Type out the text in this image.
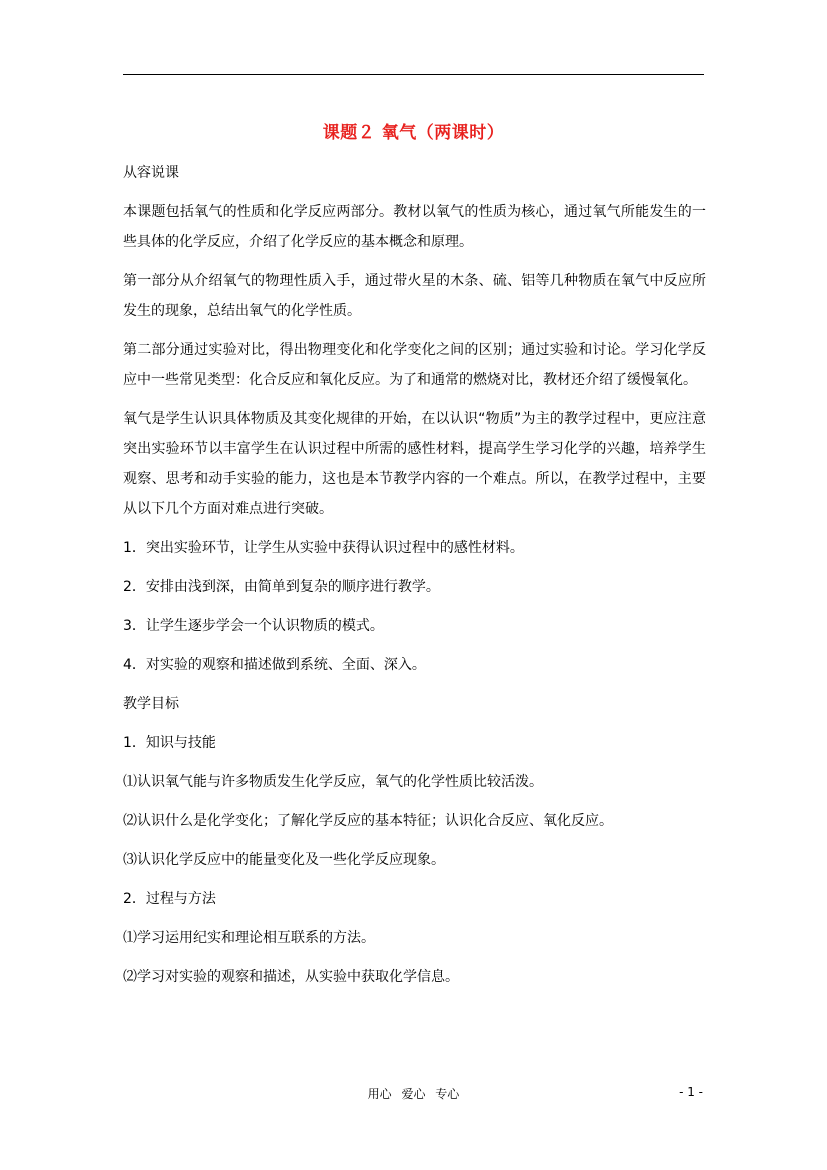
课题２ 氧气（两课时）

从容说课

本课题包括氧气的性质和化学反应两部分。教材以氧气的性质为核心，通过氧气所能发生的一些具体的化学反应，介绍了化学反应的基本概念和原理。

第一部分从介绍氧气的物理性质入手，通过带火星的木条、硫、铝等几种物质在氧气中反应所发生的现象，总结出氧气的化学性质。

第二部分通过实验对比，得出物理变化和化学变化之间的区别；通过实验和讨论。学习化学反应中一些常见类型：化合反应和氧化反应。为了和通常的燃烧对比，教材还介绍了缓慢氧化。

氧气是学生认识具体物质及其变化规律的开始，在以认识“物质”为主的教学过程中，更应注意突出实验环节以丰富学生在认识过程中所需的感性材料，提高学生学习化学的兴趣，培养学生观察、思考和动手实验的能力，这也是本节教学内容的一个难点。所以，在教学过程中，主要从以下几个方面对难点进行突破。

1．突出实验环节，让学生从实验中获得认识过程中的感性材料。

2．安排由浅到深，由简单到复杂的顺序进行教学。

3．让学生逐步学会一个认识物质的模式。

4．对实验的观察和描述做到系统、全面、深入。

教学目标

1．知识与技能

⑴认识氧气能与许多物质发生化学反应，氧气的化学性质比较活泼。

⑵认识什么是化学变化；了解化学反应的基本特征；认识化合反应、氧化反应。

⑶认识化学反应中的能量变化及一些化学反应现象。

2．过程与方法

⑴学习运用纪实和理论相互联系的方法。

⑵学习对实验的观察和描述，从实验中获取化学信息。

用心 爱心 专心	- 1 -
